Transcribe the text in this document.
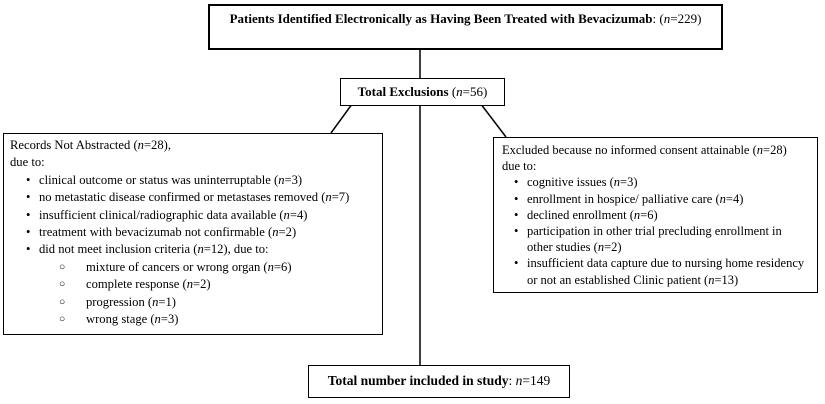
Patients Identified Electronically as Having Been Treated with Bevacizumab: (n=229)
Total Exclusions (n=56)
Records Not Abstracted (n=28),
due to:
• clinical outcome or status was uninterruptable (n=3)
• no metastatic disease confirmed or metastases removed (n=7)
• insufficient clinical/radiographic data available (n=4)
• treatment with bevacizumab not confirmable (n=2)
• did not meet inclusion criteria (n=12), due to:
○	mixture of cancers or wrong organ (n=6)
○	complete response (n=2)
○	progression (n=1)
○	wrong stage (n=3)
Excluded because no informed consent attainable (n=28)
due to:
• cognitive issues (n=3)
• enrollment in hospice/ palliative care (n=4)
• declined enrollment (n=6)
• participation in other trial precluding enrollment in other studies (n=2)
• insufficient data capture due to nursing home residency or not an established Clinic patient (n=13)
Total number included in study: n=149
